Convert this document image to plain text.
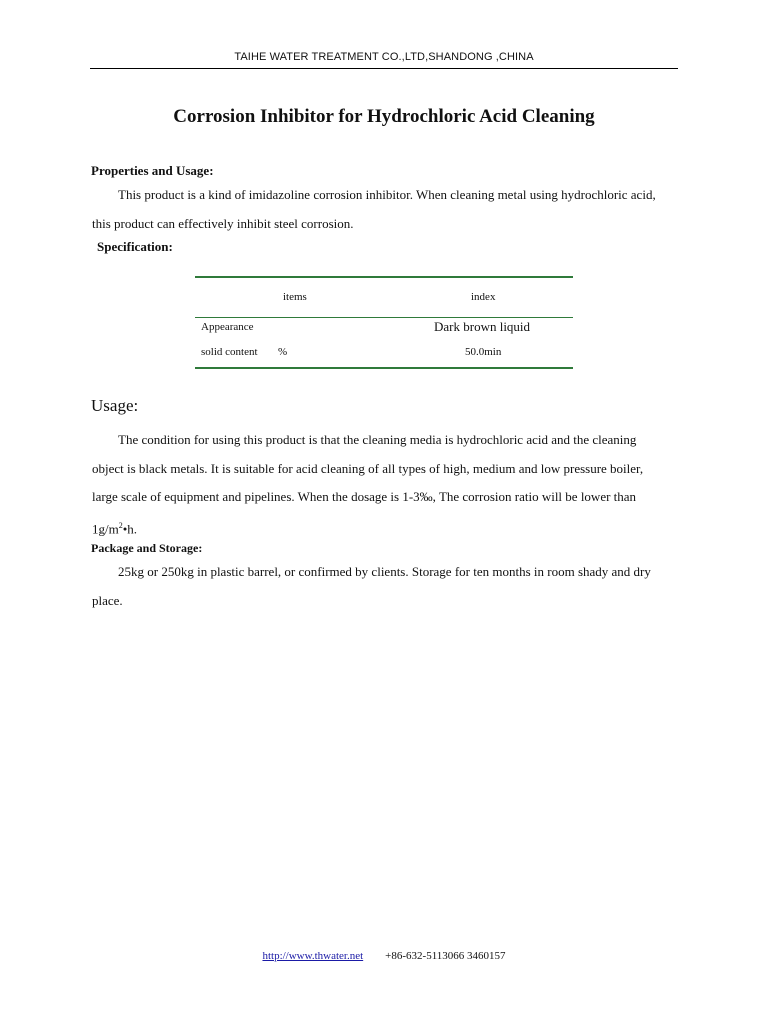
TAIHE WATER TREATMENT CO.,LTD,SHANDONG ,CHINA
Corrosion Inhibitor for Hydrochloric Acid Cleaning
Properties and Usage:
This product is a kind of imidazoline corrosion inhibitor. When cleaning metal using hydrochloric acid,
this product can effectively inhibit steel corrosion.
Specification:
items	index
Appearance	Dark brown liquid
solid content %	50.0min
Usage:
The condition for using this product is that the cleaning media is hydrochloric acid and the cleaning
object is black metals. It is suitable for acid cleaning of all types of high, medium and low pressure boiler,
large scale of equipment and pipelines. When the dosage is 1-3‰, The corrosion ratio will be lower than
$1g/m^2•h$.
Package and Storage:
25kg or 250kg in plastic barrel, or confirmed by clients. Storage for ten months in room shady and dry
place.
http://www.thwater.net +86-632-5113066 3460157
